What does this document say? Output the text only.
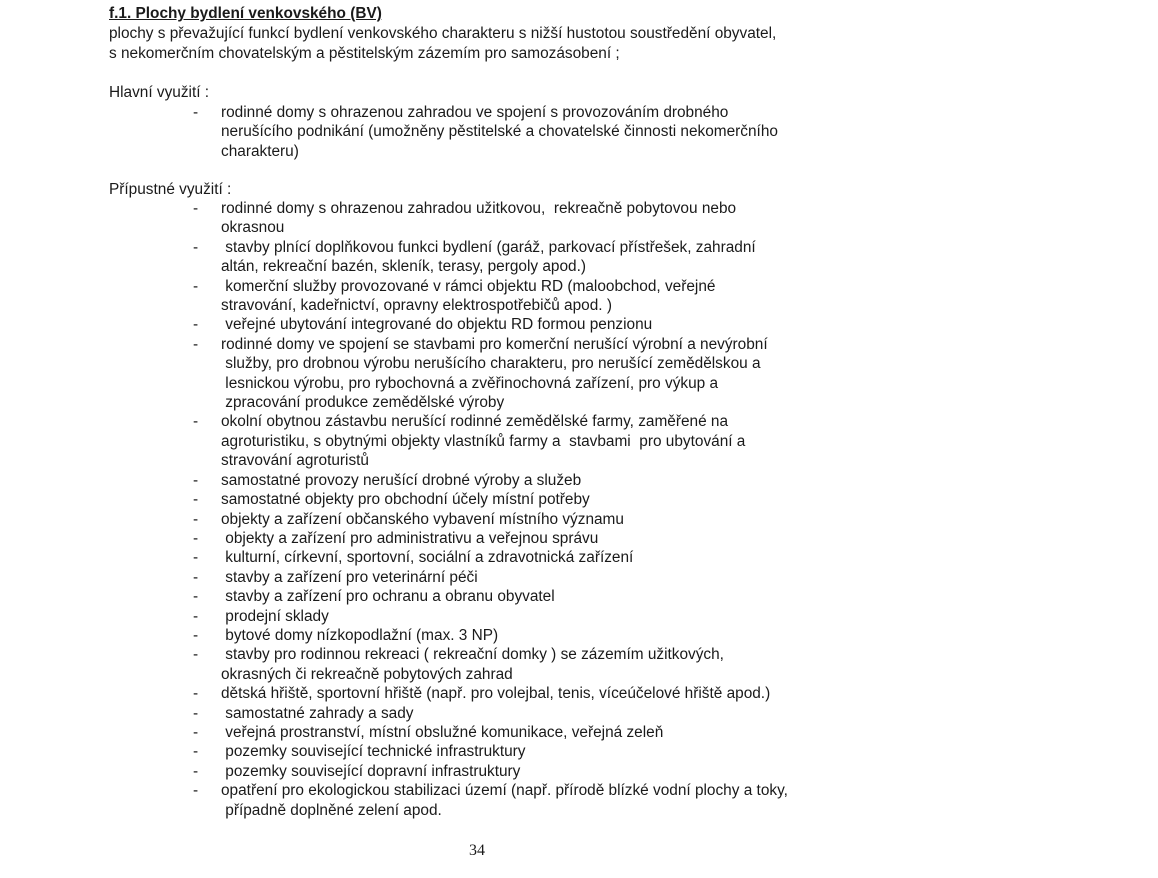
f.1. Plochy bydlení venkovského (BV)
plochy s převažující funkcí bydlení venkovského charakteru s nižší hustotou soustředění obyvatel,
s nekomerčním chovatelským a pěstitelským zázemím pro samozásobení ;
Hlavní využití :
-	rodinné domy s ohrazenou zahradou ve spojení s provozováním drobného
nerušícího podnikání (umožněny pěstitelské a chovatelské činnosti nekomerčního
charakteru)
Přípustné využití :
-	rodinné domy s ohrazenou zahradou užitkovou,  rekreačně pobytovou nebo
okrasnou
-	stavby plnící doplňkovou funkci bydlení (garáž, parkovací přístřešek, zahradní
altán, rekreační bazén, skleník, terasy, pergoly apod.)
-	komerční služby provozované v rámci objektu RD (maloobchod, veřejné
stravování, kadeřnictví, opravny elektrospotřebičů apod. )
-	veřejné ubytování integrované do objektu RD formou penzionu
-	rodinné domy ve spojení se stavbami pro komerční nerušící výrobní a nevýrobní
služby, pro drobnou výrobu nerušícího charakteru, pro nerušící zemědělskou a
lesnickou výrobu, pro rybochovná a zvěřinochovná zařízení, pro výkup a
zpracování produkce zemědělské výroby
-	okolní obytnou zástavbu nerušící rodinné zemědělské farmy, zaměřené na
agroturistiku, s obytnými objekty vlastníků farmy a  stavbami  pro ubytování a
stravování agroturistů
-	samostatné provozy nerušící drobné výroby a služeb
-	samostatné objekty pro obchodní účely místní potřeby
-	objekty a zařízení občanského vybavení místního významu
-	objekty a zařízení pro administrativu a veřejnou správu
-	kulturní, církevní, sportovní, sociální a zdravotnická zařízení
-	stavby a zařízení pro veterinární péči
-	stavby a zařízení pro ochranu a obranu obyvatel
-	prodejní sklady
-	bytové domy nízkopodlažní (max. 3 NP)
-	stavby pro rodinnou rekreaci ( rekreační domky ) se zázemím užitkových,
okrasných či rekreačně pobytových zahrad
-	dětská hřiště, sportovní hřiště (např. pro volejbal, tenis, víceúčelové hřiště apod.)
-	samostatné zahrady a sady
-	veřejná prostranství, místní obslužné komunikace, veřejná zeleň
-	pozemky související technické infrastruktury
-	pozemky související dopravní infrastruktury
-	opatření pro ekologickou stabilizaci území (např. přírodě blízké vodní plochy a toky,
případně doplněné zelení apod.
34
